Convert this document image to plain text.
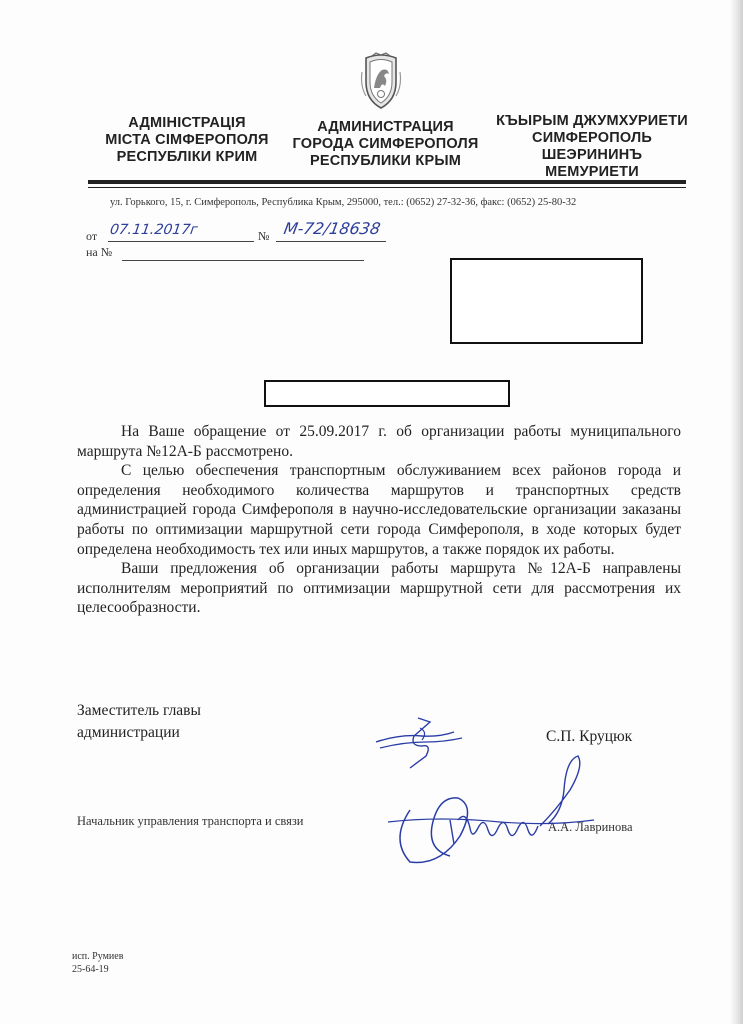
АДМІНІСТРАЦІЯ
МІСТА СІМФЕРОПОЛЯ
РЕСПУБЛІКИ КРИМ
АДМИНИСТРАЦИЯ
ГОРОДА СИМФЕРОПОЛЯ
РЕСПУБЛИКИ КРЫМ
КЪЫРЫМ ДЖУМХУРИЕТИ
СИМФЕРОПОЛЬ
ШЕЭРИНИНЪ
МЕМУРИЕТИ
ул. Горького, 15, г. Симферополь, Республика Крым, 295000, тел.: (0652) 27-32-36, факс: (0652) 25-80-32
от 07.11.2017г	№ М-72/18638
на №

На Ваше обращение от 25.09.2017 г. об организации работы муниципального маршрута №12А-Б рассмотрено.

С целью обеспечения транспортным обслуживанием всех районов города и определения необходимого количества маршрутов и транспортных средств администрацией города Симферополя в научно-исследовательские организации заказаны работы по оптимизации маршрутной сети города Симферополя, в ходе которых будет определена необходимость тех или иных маршрутов, а также порядок их работы.

Ваши предложения об организации работы маршрута №12А-Б направлены исполнителям мероприятий по оптимизации маршрутной сети для рассмотрения их целесообразности.

Заместитель главы
администрации	С.П. Круцюк
Начальник управления транспорта и связи	А.А. Лавринова
исп. Румиев
25-64-19
